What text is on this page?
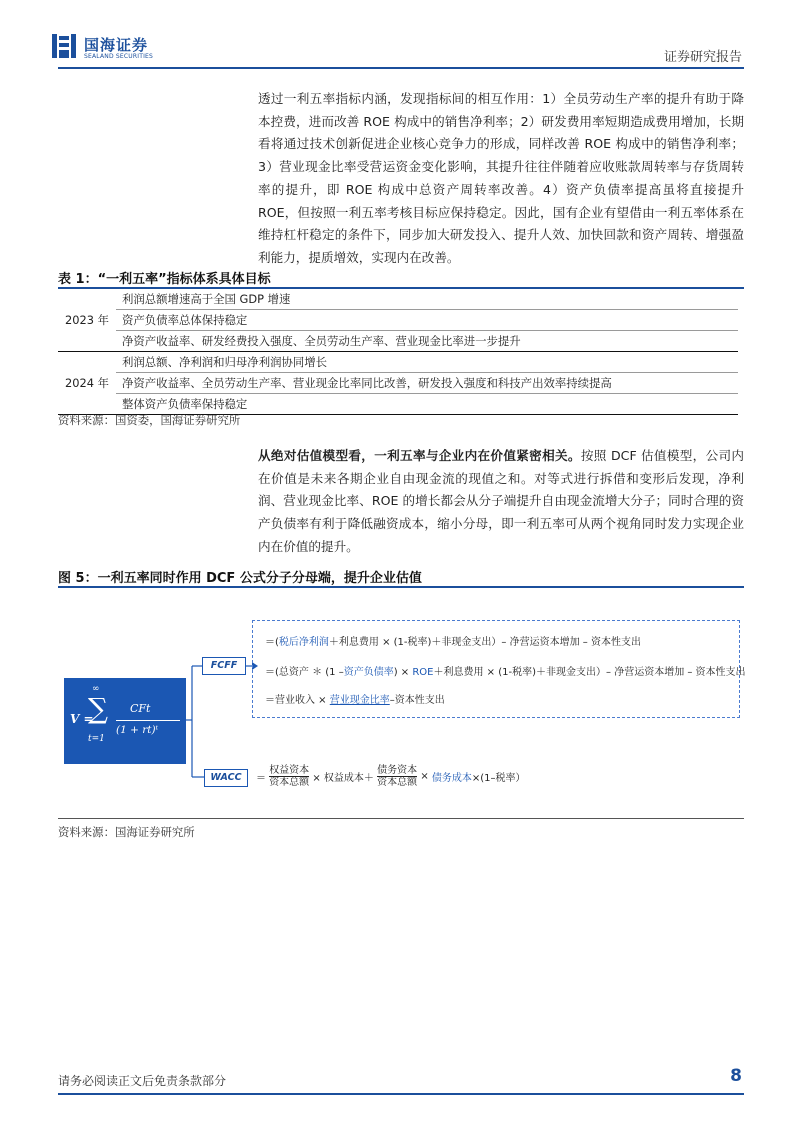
国海证券
SEALAND SECURITIES	证券研究报告

透过一利五率指标内涵，发现指标间的相互作用：1）全员劳动生产率的提升有助于降本控费，进而改善 ROE 构成中的销售净利率；2）研发费用率短期造成费用增加，长期看将通过技术创新促进企业核心竞争力的形成，同样改善 ROE 构成中的销售净利率；3）营业现金比率受营运资金变化影响，其提升往往伴随着应收账款周转率与存货周转率的提升，即 ROE 构成中总资产周转率改善。4）资产负债率提高虽将直接提升 ROE，但按照一利五率考核目标应保持稳定。因此，国有企业有望借由一利五率体系在维持杠杆稳定的条件下，同步加大研发投入、提升人效、加快回款和资产周转、增强盈利能力，提质增效，实现内在改善。

表 1：“一利五率”指标体系具体目标
2023 年	利润总额增速高于全国 GDP 增速
	资产负债率总体保持稳定
	净资产收益率、研发经费投入强度、全员劳动生产率、营业现金比率进一步提升
2024 年	利润总额、净利润和归母净利润协同增长
	净资产收益率、全员劳动生产率、营业现金比率同比改善，研发投入强度和科技产出效率持续提高
	整体资产负债率保持稳定
资料来源：国资委，国海证券研究所

从绝对估值模型看，一利五率与企业内在价值紧密相关。按照 DCF 估值模型，公司内在价值是未来各期企业自由现金流的现值之和。对等式进行拆借和变形后发现，净利润、营业现金比率、ROE 的增长都会从分子端提升自由现金流增大分子；同时合理的资产负债率有利于降低融资成本，缩小分母，即一利五率可从两个视角同时发力实现企业内在价值的提升。

图 5：一利五率同时作用 DCF 公式分子分母端，提升企业估值
V =
∞
∑
t=1
CFt
(1 + rt)ᵗ
FCFF
WACC
＝(税后净利润＋利息费用 × (1-税率)＋非现金支出）– 净营运资本增加 – 资本性支出
＝(总资产 ＊ (1 –资产负债率) × ROE＋利息费用 × (1-税率)＋非现金支出）– 净营运资本增加 – 资本性支出
＝营业收入 × 营业现金比率–资本性支出
＝
权益资本
资本总额 × 权益成本＋
债务资本
资本总额
× 债务成本×(1–税率）
资料来源：国海证券研究所
请务必阅读正文后免责条款部分	8
